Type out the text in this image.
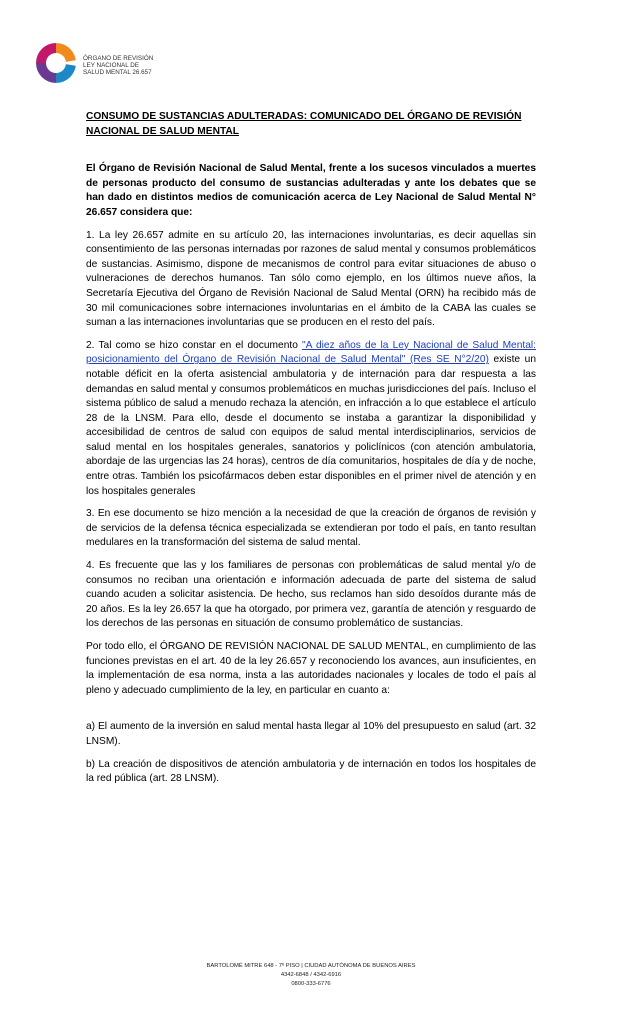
ÓRGANO DE REVISIÓN
LEY NACIONAL DE
SALUD MENTAL 26.657
CONSUMO DE SUSTANCIAS ADULTERADAS: COMUNICADO DEL ÓRGANO DE REVISIÓN NACIONAL DE SALUD MENTAL

El Órgano de Revisión Nacional de Salud Mental, frente a los sucesos vinculados a muertes de personas producto del consumo de sustancias adulteradas y ante los debates que se han dado en distintos medios de comunicación acerca de Ley Nacional de Salud Mental N° 26.657 considera que:

1. La ley 26.657 admite en su artículo 20, las internaciones involuntarias, es decir aquellas sin consentimiento de las personas internadas por razones de salud mental y consumos problemáticos de sustancias. Asimismo, dispone de mecanismos de control para evitar situaciones de abuso o vulneraciones de derechos humanos. Tan sólo como ejemplo, en los últimos nueve años, la Secretaría Ejecutiva del Órgano de Revisión Nacional de Salud Mental (ORN) ha recibido más de 30 mil comunicaciones sobre internaciones involuntarias en el ámbito de la CABA las cuales se suman a las internaciones involuntarias que se producen en el resto del país.

2. Tal como se hizo constar en el documento "A diez años de la Ley Nacional de Salud Mental: posicionamiento del Órgano de Revisión Nacional de Salud Mental" (Res SE N°2/20) existe un notable déficit en la oferta asistencial ambulatoria y de internación para dar respuesta a las demandas en salud mental y consumos problemáticos en muchas jurisdicciones del país. Incluso el sistema público de salud a menudo rechaza la atención, en infracción a lo que establece el artículo 28 de la LNSM. Para ello, desde el documento se instaba a garantizar la disponibilidad y accesibilidad de centros de salud con equipos de salud mental interdisciplinarios, servicios de salud mental en los hospitales generales, sanatorios y policlínicos (con atención ambulatoria, abordaje de las urgencias las 24 horas), centros de día comunitarios, hospitales de día y de noche, entre otras. También los psicofármacos deben estar disponibles en el primer nivel de atención y en los hospitales generales

3. En ese documento se hizo mención a la necesidad de que la creación de órganos de revisión y de servicios de la defensa técnica especializada se extendieran por todo el país, en tanto resultan medulares en la transformación del sistema de salud mental.

4. Es frecuente que las y los familiares de personas con problemáticas de salud mental y/o de consumos no reciban una orientación e información adecuada de parte del sistema de salud cuando acuden a solicitar asistencia. De hecho, sus reclamos han sido desoídos durante más de 20 años. Es la ley 26.657 la que ha otorgado, por primera vez, garantía de atención y resguardo de los derechos de las personas en situación de consumo problemático de sustancias.

Por todo ello, el ÓRGANO DE REVISIÓN NACIONAL DE SALUD MENTAL, en cumplimiento de las funciones previstas en el art. 40 de la ley 26.657 y reconociendo los avances, aun insuficientes, en la implementación de esa norma, insta a las autoridades nacionales y locales de todo el país al pleno y adecuado cumplimiento de la ley, en particular en cuanto a:

a) El aumento de la inversión en salud mental hasta llegar al 10% del presupuesto en salud (art. 32 LNSM).

b) La creación de dispositivos de atención ambulatoria y de internación en todos los hospitales de la red pública (art. 28 LNSM).

BARTOLOMÉ MITRE 648 - 7º PISO | CIUDAD AUTÓNOMA DE BUENOS AIRES
4342-6848 / 4342-6916
0800-333-6776
